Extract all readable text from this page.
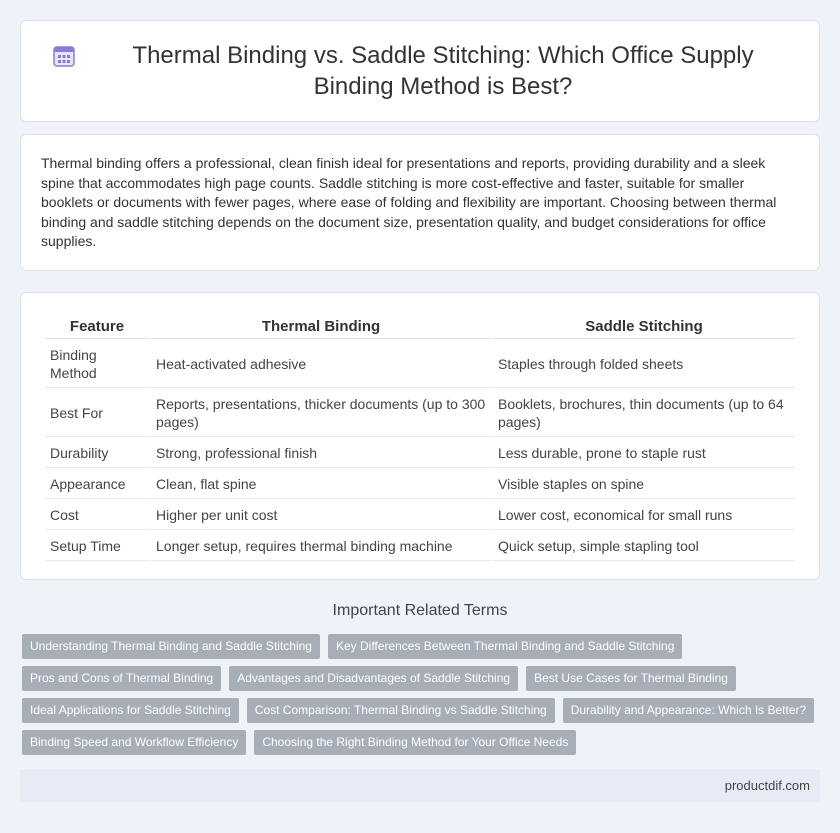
Thermal Binding vs. Saddle Stitching: Which Office Supply Binding Method is Best?

Thermal binding offers a professional, clean finish ideal for presentations and reports, providing durability and a sleek spine that accommodates high page counts. Saddle stitching is more cost-effective and faster, suitable for smaller booklets or documents with fewer pages, where ease of folding and flexibility are important. Choosing between thermal binding and saddle stitching depends on the document size, presentation quality, and budget considerations for office supplies.

Feature	Thermal Binding	Saddle Stitching
Binding Method	Heat-activated adhesive	Staples through folded sheets
Best For	Reports, presentations, thicker documents (up to 300 pages)	Booklets, brochures, thin documents (up to 64 pages)
Durability	Strong, professional finish	Less durable, prone to staple rust
Appearance	Clean, flat spine	Visible staples on spine
Cost	Higher per unit cost	Lower cost, economical for small runs
Setup Time	Longer setup, requires thermal binding machine	Quick setup, simple stapling tool
Important Related Terms
Understanding Thermal Binding and Saddle Stitching	Key Differences Between Thermal Binding and Saddle Stitching
Pros and Cons of Thermal Binding	Advantages and Disadvantages of Saddle Stitching	Best Use Cases for Thermal Binding
Ideal Applications for Saddle Stitching	Cost Comparison: Thermal Binding vs Saddle Stitching	Durability and Appearance: Which Is Better?
Binding Speed and Workflow Efficiency	Choosing the Right Binding Method for Your Office Needs
productdif.com
